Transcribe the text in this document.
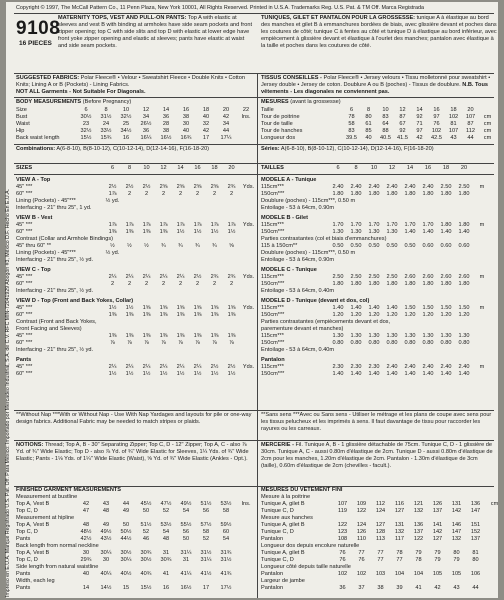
Copyright © 1997, The McCall Pattern Co., 11 Penn Plaza, New York 10001, All Rights Reserved. Printed in U.S.A. Trademarks Reg. U.S. Pat. & TM Off. Marca Registrada
Impreso en E.U.A. Marque Registrado U.S. Pat. Off. Para México: Importado por Mercadeo Industrial, S.A. de C.V. RFC MIN-72041929 Abogón #3, México D.F. Hecho En E.U.A.
9108
16 PIECES
MATERNITY TOPS, VEST AND PULL-ON PANTS: Top A with elastic at sleeves and vest B with binding at armholes have side seam pockets and front zipper opening; top C with side slits and top D with elastic at lower edge have front yoke zipper opening and elastic at sleeves; pants have elastic at waist and side seam pockets.
TUNIQUES, GILET ET PANTALON POUR LA GROSSESSE: tunique A à élastique au bord des manches et gilet B à emmanchures bordées de biais, avec glissière devant et poches dans les coutures de côté; tunique C à fentes au côté et tunique D à élastique au bord inférieur, avec empiècement à glissière devant et élastique à l'ourlet des manches; pantalon avec élastique à la taille et poches dans les coutures de côté.
SUGGESTED FABRICS: Polar Fleece® • Velour • Sweatshirt Fleece • Double Knits • Cotton Knits; Lining A or B (Pockets) - Lining Fabrics.
NOT ALL Garments - Not Suitable For Diagonals.
TISSUS CONSEILLES - Polar Fleece® • Jersey velours • Tissu molletonné pour sweatshirt • Jersey double • Jersey de coton. Doublure A ou B (poches) - Tissus de doublure. N.B. Tous vêtements - Les diagonales ne conviennent pas.
BODY MEASUREMENTS (Before Pregnancy)	MESURES (avant la grossesse)
Size	6	8	10	12	14	16	18	20	22
Bust	30½	31½	32½	34	36	38	40	42	Ins.
Waist	23	24	25	26½	28	30	32	34
Hip	32½	33½	34½	36	38	40	42	44
Back waist length	15½	15¾	16	16¼	16½	16¾	17	17¼
Taille	6	8	10	12	14	16	18	20
Tour de poitrine	78	80	83	87	92	97	102	107	cm
Tour de taille	58	61	64	67	71	76	81	87	cm
Tour de hanches	83	85	88	92	97	102	107	112	cm
Longueur dos	39.5	40	40.5	41.5	42	42.5	43	44	cm
Combinations: A(6-8-10), B(8-10-12), C(10-12-14), D(12-14-16), F(16-18-20)	Séries: A(6-8-10), B(8-10-12), C(10-12-14), D(12-14-16), F(16-18-20)
SIZES	6	8	10	12	14	16	18	20	TAILLES	6	8	10	12	14	16	18	20
VIEW A - Top
45" ***	2½	2½	2½	2⅝	2⅝	2⅝	2⅝	2¾	Yds.
60" ***	1⅞	2	2	2	2	2	2	2
Lining (Pockets) - 45"***	½ yd.
Interfacing - 21" thru 25", 1 yd.
VIEW B - Vest
45" ***	1⅞	1⅞	1⅞	1⅞	1⅞	1⅞	1⅞	1⅞	Yds.
60" ***	1⅜	1⅜	1⅜	1⅜	1½	1½	1½	1½
Contrast (Collar and Armhole Bindings)
45" thru 60" **	½	½	½	¾	¾	¾	¾	⅝
Lining (Pockets) - 45"***	½ yd.
Interfacing - 21" thru 25", ½ yd.
VIEW C - Top
45" ***	2¼	2¼	2¼	2¼	2¼	2½	2¾	2¾	Yds.
60" ***	2	2	2	2	2	2	2	2
Interfacing - 21" thru 25", ½ yd.
VIEW D - Top (Front and Back Yokes, Collar)
45" ***	1½	1½	1⅝	1⅝	1⅝	1⅝	1⅝	1⅝	Yds.
60" ***	1⅜	1⅜	1⅜	1⅜	1⅜	1⅜	1⅜	1⅜
Contrast (Front and Back Yokes,
Front Facing and Sleeves)
45" ***	1⅜	1⅜	1⅜	1⅜	1⅜	1⅜	1⅜	1⅜
60" ***	⅞	⅞	⅞	⅞	⅞	⅞	⅞	⅞
Interfacing - 21" thru 25", ½ yd.
Pants
45" ***	2¼	2¼	2¼	2¼	2¼	2¼	2½	2½	Yds.
60" ***	1½	1½	1½	1½	1½	1½	1½	1½
MODELE A - Tunique
115cm***	2.40	2.40	2.40	2.40	2.40	2.40	2.50	2.50	m
150cm***	1.80	1.80	1.80	1.80	1.80	1.80	1.80	1.80
Doublure (poches) - 115cm***, 0.50 m
Entoilage - 53 à 64cm, 0.90m
MODELE B - Gilet
115cm***	1.70	1.70	1.70	1.70	1.70	1.70	1.80	1.80	m
150cm***	1.30	1.30	1.30	1.30	1.40	1.40	1.40	1.40
Parties contrastantes (col et biais d'emmanchures)
115 à 150cm**	0.50	0.50	0.50	0.50	0.50	0.60	0.60	0.60
Doublure (poches) - 115cm***, 0.50 m
Entoilage - 53 à 64cm, 0.90m
MODELE C - Tunique
115cm***	2.50	2.50	2.50	2.50	2.60	2.60	2.60	2.60	m
150cm***	1.80	1.80	1.80	1.80	1.80	1.80	1.80	1.80
Entoilage - 53 à 64cm, 0.40m
MODELE D - Tunique (devant et dos, col)
115cm***	1.40	1.40	1.40	1.40	1.50	1.50	1.50	1.50	m
150cm***	1.20	1.20	1.20	1.20	1.20	1.20	1.20	1.20
Parties contrastantes (empiècements devant et dos,
parementure devant et manches)
115cm***	1.30	1.30	1.30	1.30	1.30	1.30	1.30	1.30
150cm***	0.80	0.80	0.80	0.80	0.80	0.80	0.80	0.80
Entoilage - 53 à 64cm, 0.40m
Pantalon
115cm***	2.30	2.30	2.30	2.40	2.40	2.40	2.40	2.40	m
150cm***	1.40	1.40	1.40	1.40	1.40	1.40	1.40	1.40
**Without Nap ***With or Without Nap - Use With Nap Yardages and layouts for pile or one-way design fabrics. Additional Fabric may be needed to match stripes or plaids.
**Sans sens ***Avec ou Sans sens - Utiliser le métrage et les plans de coupe avec sens pour les tissus pelucheux et les imprimés à sens. Il faut davantage de tissu pour raccorder les rayures ou les carreaux.
NOTIONS: Thread; Top A, B - 30" Separating Zipper; Top C, D - 12" Zipper; Top A, C - also ⅞ Yd. of ¾" Wide Elastic; Top D - also ⅞ Yd. of ¾" Wide Elastic for Sleeves, 1¼ Yds. of ¾" Wide Elastic; Pants - 1⅛ Yds. of 1¼" Wide Elastic (Waist), ⅝ Yd. of ¾" Wide Elastic (Ankles - Opt.).
MERCERIE - Fil. Tunique A, B - 1 glissière détachable de 75cm. Tunique C, D - 1 glissière de 30cm. Tunique A, C - aussi 0.80m d'élastique de 2cm. Tunique D - aussi 0.80m d'élastique de 2cm pour les manches, 1.20m d'élastique de 2cm. Pantalon - 1.30m d'élastique de 3cm (taille), 0.60m d'élastique de 2cm (chevilles - facult.).
FINISHED GARMENT MEASUREMENTS	MESURES DU VETEMENT FINI
Measurement at bustline
Top A, Vest B	42	43	44	45½	47½	49½	51½	53½	Ins.
Top C, D	47	48	49	50	52	54	56	58
Measurement at hipline
Top A, Vest B	48	49	50	51½	53½	55½	57½	59½
Top C, D	48½	49½	50½	52	54	56	58	60
Pants	42½	43½	44½	46	48	50	52	54
Back length from normal neckline
Top A, Vest B	30	30¼	30½	30¾	31	31¼	31½	31¾
Top C, D	29¾	30	30¼	30½	30¾	31	31¼	31½
Side length from natural waistline
Pants	40	40¼	40½	40¾	41	41¼	41½	41¾
Width, each leg
Pants	14	14½	15	15½	16	16½	17	17½
Mesure à la poitrine
Tunique A, gilet B	107	109	112	116	121	126	131	136	cm
Tunique C, D	119	122	124	127	132	137	142	147
Mesure aux hanches
Tunique A, gilet B	122	124	127	131	136	141	146	151
Tunique C, D	123	126	128	132	137	142	147	152
Pantalon	108	110	113	117	122	127	132	137
Longueur dos depuis encolure naturelle
Tunique A, gilet B	76	77	77	78	79	79	80	81
Tunique C, D	76	76	77	77	78	79	79	80
Longueur côté depuis taille naturelle
Pantalon	102	102	103	104	104	105	105	106
Largeur de jambe
Pantalon	36	37	38	39	41	42	43	44
